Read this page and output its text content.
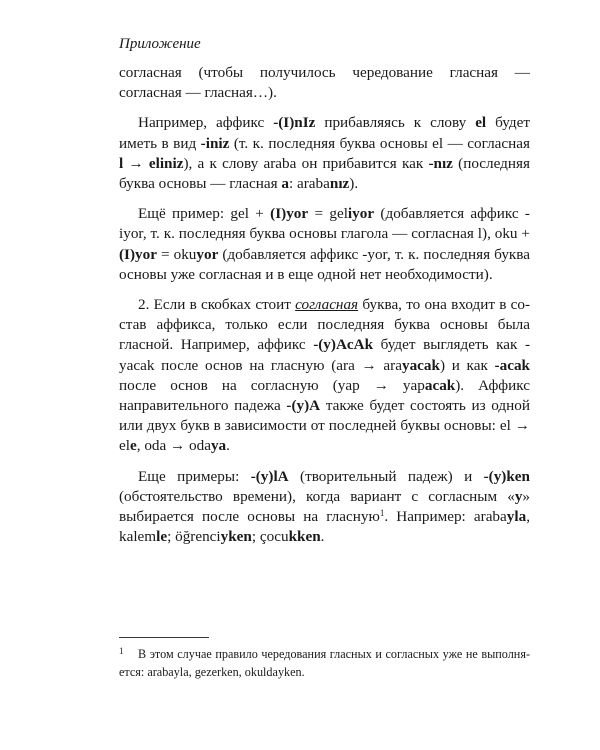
Приложение

согласная (чтобы получилось чередование гласная — согласная — гласная…).

Например, аффикс -(I)nIz прибавляясь к слову el будет иметь в вид -iniz (т. к. последняя буква основы el — согласная l → eliniz), а к слову araba он прибавится как -nız (последняя буква основы — гласная a: arabanız).

Ещё пример: gel + (I)yor = geliyor (добавляется аффикс -iyor, т. к. последняя буква основы глагола — согласная l), oku + (I)yor = okuyor (добавляется аффикс -yor, т. к. последняя буква основы уже согласная и в еще одной нет необходимости).

2. Если в скобках стоит согласная буква, то она входит в состав аффикса, только если последняя буква основы была гласной. Например, аффикс -(y)AcAk будет выглядеть как -yacak после основ на гласную (ara → arayacak) и как -acak после основ на согласную (yap → yapacak). Аффикс направительного падежа -(y)A также будет состоять из одной или двух букв в зависимости от последней буквы основы: el → ele, oda → odaya.

Еще примеры: -(y)lA (творительный падеж) и -(y)ken (обстоятельство времени), когда вариант с согласным «y» выбирается после основы на гласную$^1$. Например: arabayla, kalemle; öğrenciyken; çocukken.

1 В этом случае правило чередования гласных и согласных уже не выполняется: arabayla, gezerken, okuldayken.
